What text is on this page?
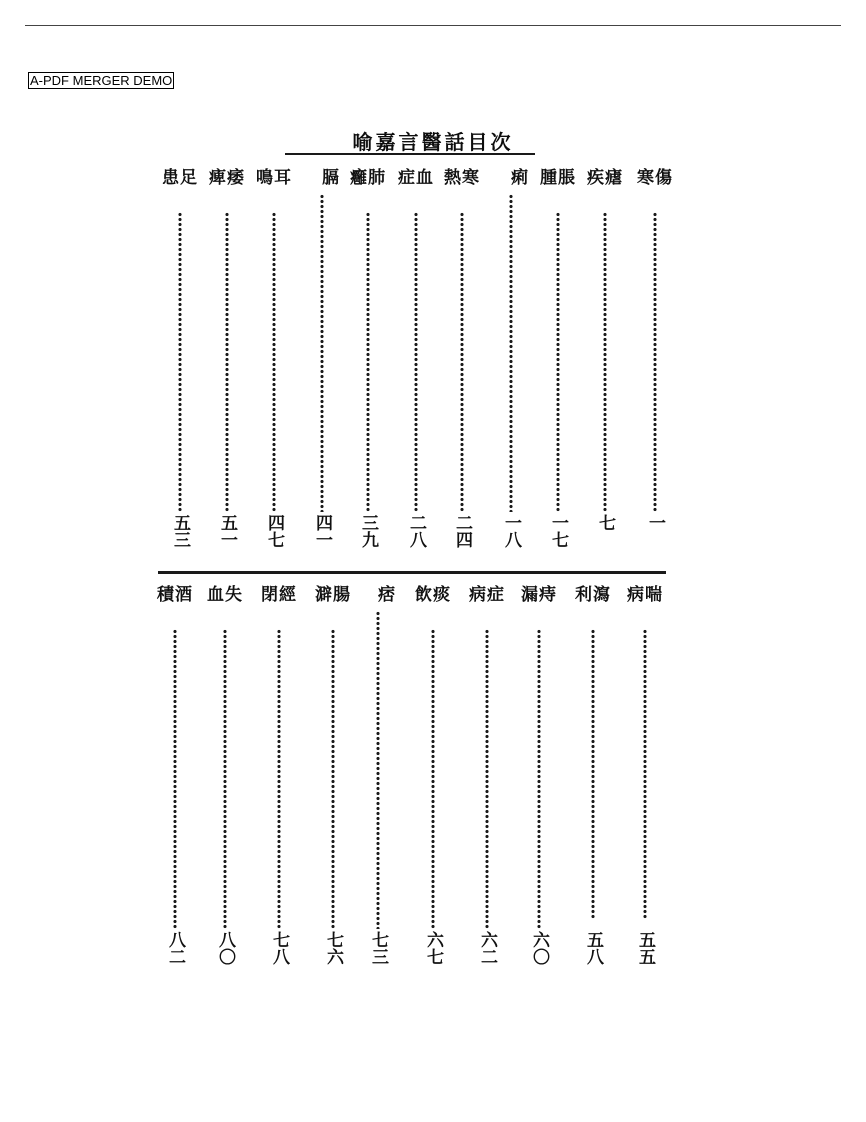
A-PDF MERGER DEMO
喻嘉言醫話目次
傷寒
一
瘧疾
七
脹腫
一七
痢
一八
寒熱
二四
血症
二八
肺癰
三九
膈
四一
耳鳴
四七
痿痺
五一
足患
五三
喘病
五五
瀉利
五八
痔漏
六〇
症病
六二
痰飲
六七
痞
七三
腸澼
七六
經閉
七八
失血
八〇
酒積
八二
